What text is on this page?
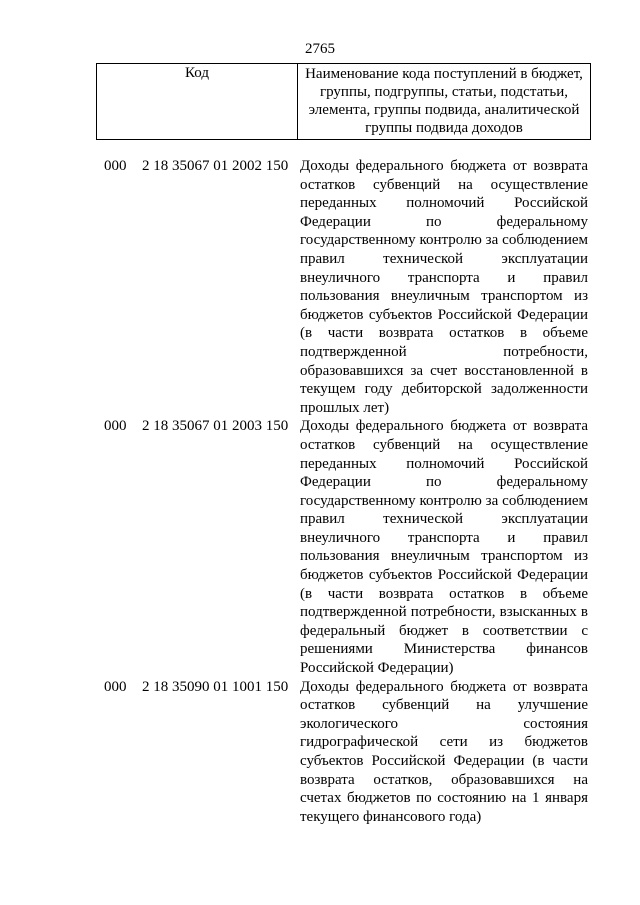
2765
Код	Наименование кода поступлений в бюджет, группы, подгруппы, статьи, подстатьи, элемента, группы подвида, аналитической группы подвида доходов
000	2 18 35067 01 2002 150 Доходы федерального бюджета от возврата остатков субвенций на осуществление переданных полномочий Российской Федерации по федеральному государственному контролю за соблюдением правил технической эксплуатации внеуличного транспорта и правил пользования внеуличным транспортом из бюджетов субъектов Российской Федерации (в части возврата остатков в объеме подтвержденной потребности, образовавшихся за счет восстановленной в текущем году дебиторской задолженности прошлых лет)
000	2 18 35067 01 2003 150 Доходы федерального бюджета от возврата остатков субвенций на осуществление переданных полномочий Российской Федерации по федеральному государственному контролю за соблюдением правил технической эксплуатации внеуличного транспорта и правил пользования внеуличным транспортом из бюджетов субъектов Российской Федерации (в части возврата остатков в объеме подтвержденной потребности, взысканных в федеральный бюджет в соответствии с решениями Министерства финансов Российской Федерации)
000	2 18 35090 01 1001 150 Доходы федерального бюджета от возврата остатков субвенций на улучшение экологического состояния гидрографической сети из бюджетов субъектов Российской Федерации (в части возврата остатков, образовавшихся на счетах бюджетов по состоянию на 1 января текущего финансового года)
